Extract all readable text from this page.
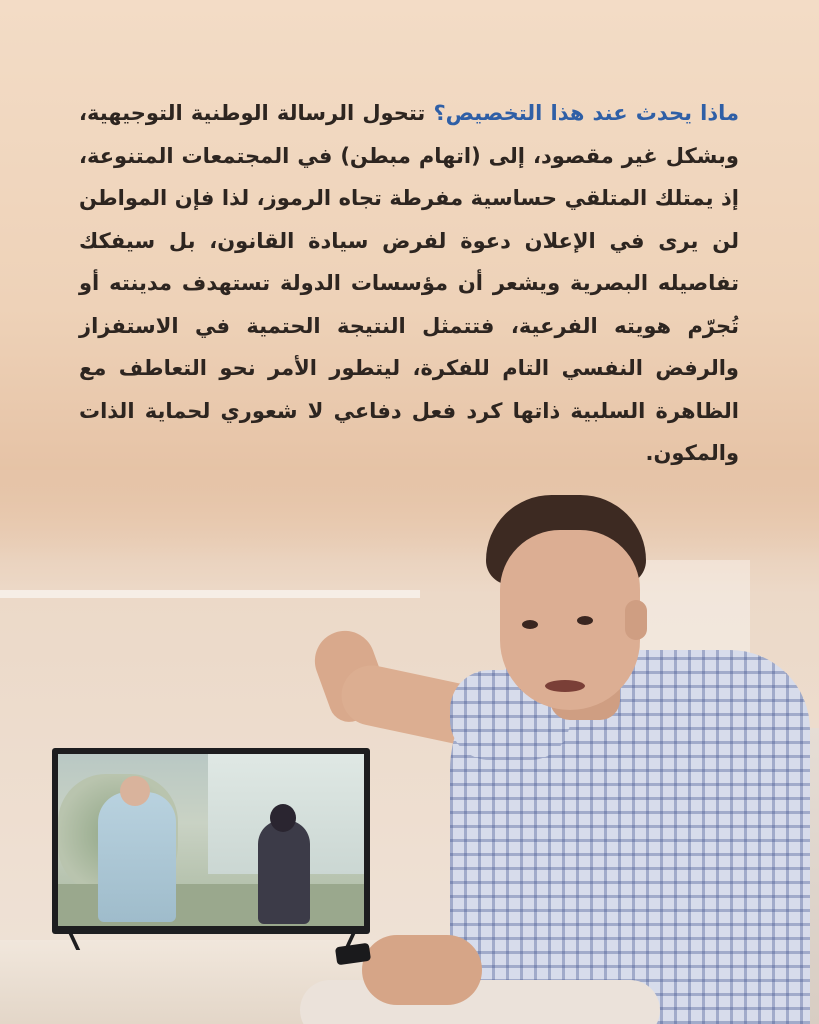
ماذا يحدث عند هذا التخصيص؟ تتحول الرسالة الوطنية التوجيهية، وبشكل غير مقصود، إلى (اتهام مبطن) في المجتمعات المتنوعة، إذ يمتلك المتلقي حساسية مفرطة تجاه الرموز، لذا فإن المواطن لن يرى في الإعلان دعوة لفرض سيادة القانون، بل سيفكك تفاصيله البصرية ويشعر أن مؤسسات الدولة تستهدف مدينته أو تُجرّم هويته الفرعية، فتتمثل النتيجة الحتمية في الاستفزاز والرفض النفسي التام للفكرة، ليتطور الأمر نحو التعاطف مع الظاهرة السلبية ذاتها كرد فعل دفاعي لا شعوري لحماية الذات والمكون.
